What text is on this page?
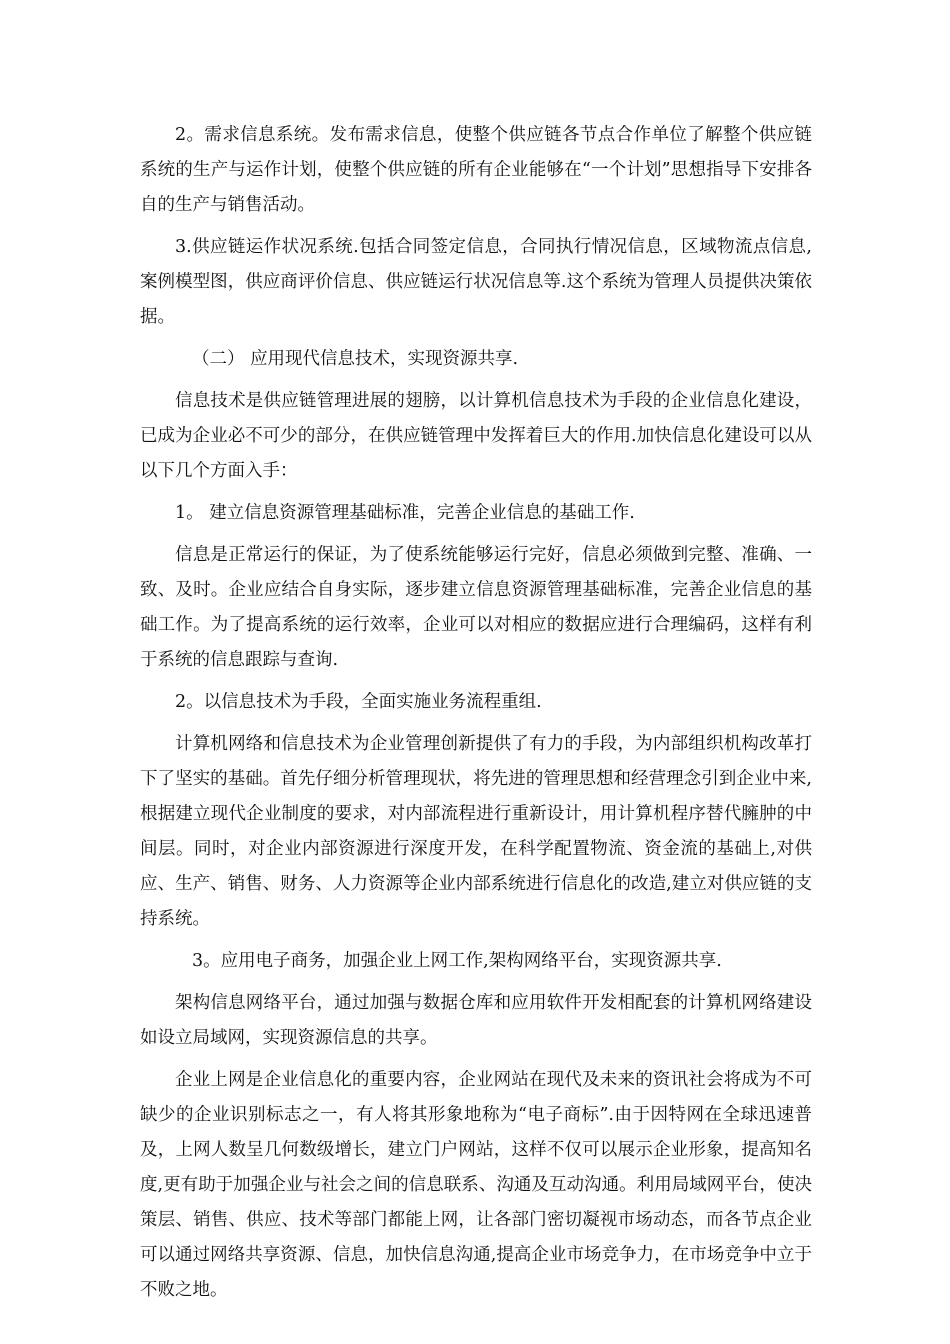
2。需求信息系统。发布需求信息，使整个供应链各节点合作单位了解整个供应链系统的生产与运作计划，使整个供应链的所有企业能够在“一个计划”思想指导下安排各自的生产与销售活动。

3.供应链运作状况系统.包括合同签定信息，合同执行情况信息，区域物流点信息,案例模型图，供应商评价信息、供应链运行状况信息等.这个系统为管理人员提供决策依据。

（二） 应用现代信息技术，实现资源共享.

信息技术是供应链管理进展的翅膀，以计算机信息技术为手段的企业信息化建设，已成为企业必不可少的部分，在供应链管理中发挥着巨大的作用.加快信息化建设可以从以下几个方面入手：

1。 建立信息资源管理基础标准，完善企业信息的基础工作.

信息是正常运行的保证，为了使系统能够运行完好，信息必须做到完整、准确、一致、及时。企业应结合自身实际，逐步建立信息资源管理基础标准，完善企业信息的基础工作。为了提高系统的运行效率，企业可以对相应的数据应进行合理编码，这样有利于系统的信息跟踪与查询.

2。以信息技术为手段，全面实施业务流程重组.

计算机网络和信息技术为企业管理创新提供了有力的手段，为内部组织机构改革打下了坚实的基础。首先仔细分析管理现状，将先进的管理思想和经营理念引到企业中来,根据建立现代企业制度的要求，对内部流程进行重新设计，用计算机程序替代臃肿的中间层。同时，对企业内部资源进行深度开发，在科学配置物流、资金流的基础上,对供应、生产、销售、财务、人力资源等企业内部系统进行信息化的改造,建立对供应链的支持系统。

3。应用电子商务，加强企业上网工作,架构网络平台，实现资源共享.

架构信息网络平台，通过加强与数据仓库和应用软件开发相配套的计算机网络建设如设立局域网，实现资源信息的共享。

企业上网是企业信息化的重要内容，企业网站在现代及未来的资讯社会将成为不可缺少的企业识别标志之一，有人将其形象地称为“电子商标”.由于因特网在全球迅速普及，上网人数呈几何数级增长，建立门户网站，这样不仅可以展示企业形象，提高知名度,更有助于加强企业与社会之间的信息联系、沟通及互动沟通。利用局域网平台，使决策层、销售、供应、技术等部门都能上网，让各部门密切凝视市场动态，而各节点企业可以通过网络共享资源、信息，加快信息沟通,提高企业市场竞争力，在市场竞争中立于不败之地。
